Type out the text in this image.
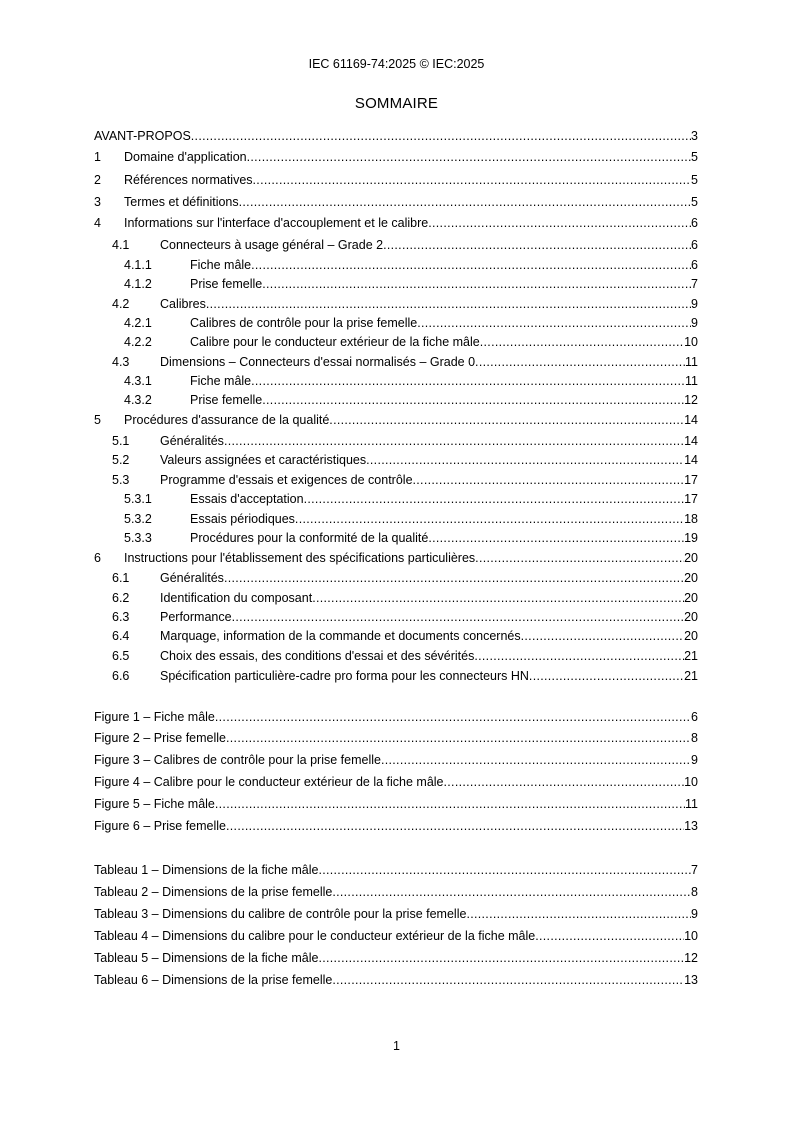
IEC 61169-74:2025 © IEC:2025
SOMMAIRE
AVANT-PROPOS .....	3
1 Domaine d'application .....	5
2 Références normatives .....	5
3 Termes et définitions .....	5
4 Informations sur l'interface d'accouplement et le calibre .....	6
4.1 Connecteurs à usage général – Grade 2 .....	6
4.1.1	Fiche mâle .....	6
4.1.2	Prise femelle .....	7
4.2 Calibres .....	9
4.2.1	Calibres de contrôle pour la prise femelle .....	9
4.2.2	Calibre pour le conducteur extérieur de la fiche mâle .....	10
4.3 Dimensions – Connecteurs d'essai normalisés – Grade 0 .....	11
4.3.1	Fiche mâle .....	11
4.3.2	Prise femelle .....	12
5 Procédures d'assurance de la qualité .....	14
5.1 Généralités .....	14
5.2 Valeurs assignées et caractéristiques .....	14
5.3 Programme d'essais et exigences de contrôle .....	17
5.3.1	Essais d'acceptation .....	17
5.3.2	Essais périodiques .....	18
5.3.3	Procédures pour la conformité de la qualité .....	19
6 Instructions pour l'établissement des spécifications particulières .....	20
6.1 Généralités .....	20
6.2 Identification du composant .....	20
6.3 Performance .....	20
6.4 Marquage, information de la commande et documents concernés .....	20
6.5 Choix des essais, des conditions d'essai et des sévérités .....	21
6.6 Spécification particulière-cadre pro forma pour les connecteurs HN .....	21
Figure 1 – Fiche mâle .....	6
Figure 2 – Prise femelle .....	8
Figure 3 – Calibres de contrôle pour la prise femelle .....	9
Figure 4 – Calibre pour le conducteur extérieur de la fiche mâle .....	10
Figure 5 – Fiche mâle .....	11
Figure 6 – Prise femelle .....	13
Tableau 1 – Dimensions de la fiche mâle .....	7
Tableau 2 – Dimensions de la prise femelle .....	8
Tableau 3 – Dimensions du calibre de contrôle pour la prise femelle .....	9
Tableau 4 – Dimensions du calibre pour le conducteur extérieur de la fiche mâle .....	10
Tableau 5 – Dimensions de la fiche mâle .....	12
Tableau 6 – Dimensions de la prise femelle .....	13
1
